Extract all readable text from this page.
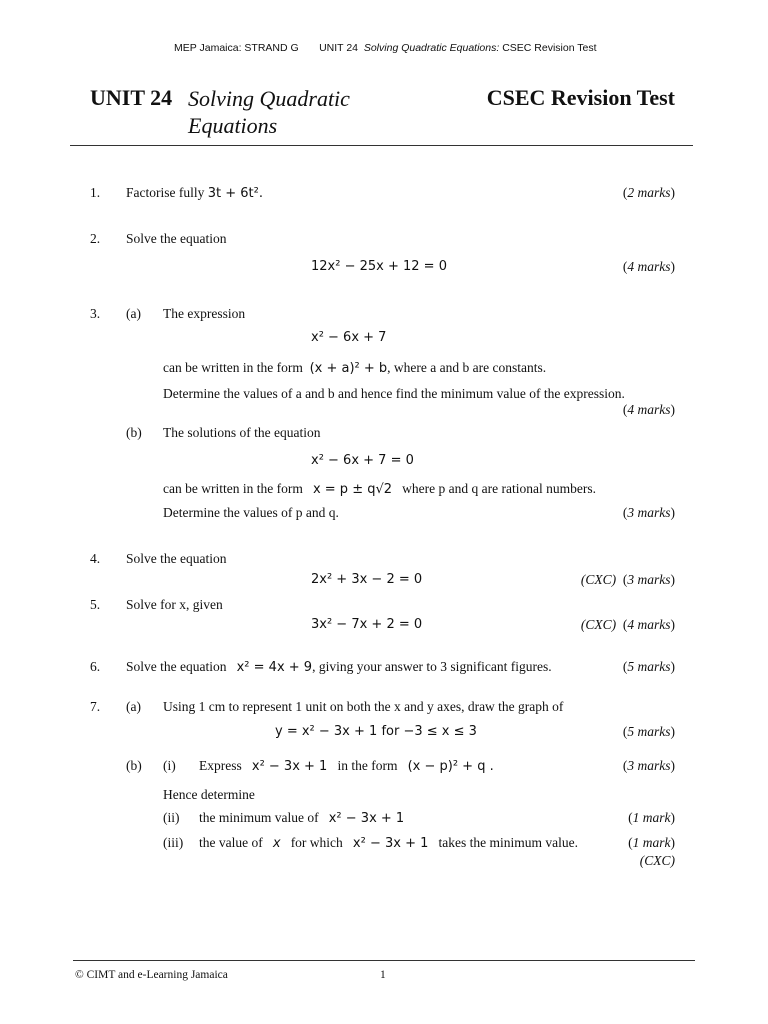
MEP Jamaica: STRAND G UNIT 24 Solving Quadratic Equations: CSEC Revision Test
UNIT 24 Solving Quadratic
Equations
CSEC Revision Test
1. Factorise fully 3t + 6t².	(2 marks)
2. Solve the equation
12x² − 25x + 12 = 0	(4 marks)
3. (a) The expression
x² − 6x + 7
can be written in the form (x + a)² + b, where a and b are constants.
Determine the values of a and b and hence find the minimum value of the expression.
(4 marks)
(b) The solutions of the equation
x² − 6x + 7 = 0
can be written in the form x = p ± q√2 where p and q are rational numbers.
Determine the values of p and q.	(3 marks)
4. Solve the equation
2x² + 3x − 2 = 0	(CXC)  (3 marks)
5. Solve for x, given
3x² − 7x + 2 = 0	(CXC)  (4 marks)
6. Solve the equation x² = 4x + 9, giving your answer to 3 significant figures.	(5 marks)
7. (a) Using 1 cm to represent 1 unit on both the x and y axes, draw the graph of
y = x² − 3x + 1 for −3 ≤ x ≤ 3	(5 marks)
(b) (i) Express x² − 3x + 1 in the form (x − p)² + q .	(3 marks)
Hence determine
(ii) the minimum value of x² − 3x + 1	(1 mark)
(iii) the value of x for which x² − 3x + 1 takes the minimum value.	(1 mark)
(CXC)
© CIMT and e-Learning Jamaica	1
